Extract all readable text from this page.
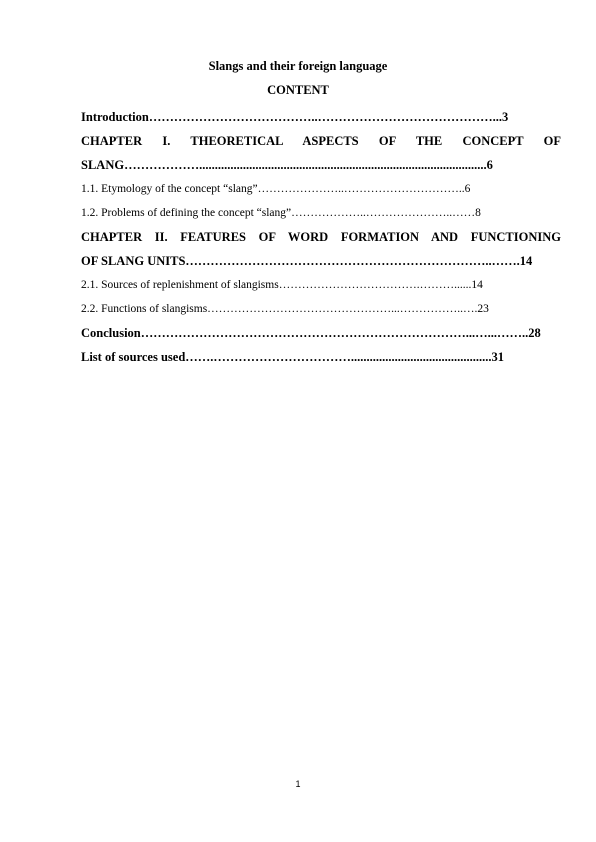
Slangs and their foreign language
CONTENT
Introduction…………………………………..……………………………………...3
CHAPTER I. THEORETICAL ASPECTS OF THE CONCEPT OF
SLANG………………............................................................................................6
1.1. Etymology of the concept “slang”…………………..…………………………..6
1.2. Problems of defining the concept “slang”………………..…………………..……8
CHAPTER II. FEATURES OF WORD FORMATION AND FUNCTIONING
OF SLANG UNITS………………………………………………………………..…….14
2.1. Sources of replenishment of slangisms……………………………….………......14
2.2. Functions of slangisms…………………………………………...……………..….23
Conclusion……………………………………………………………………...…...……..28
List of sources used…….…………………………….............................................31
1
